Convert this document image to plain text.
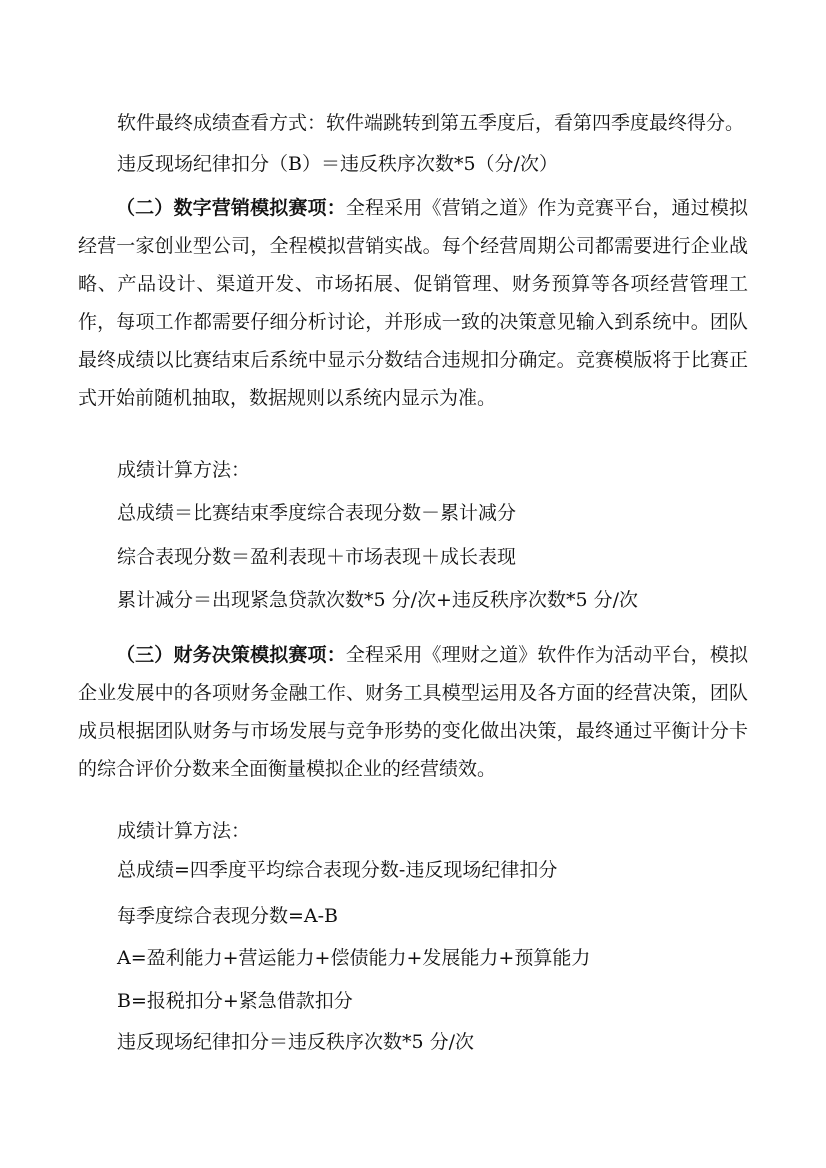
软件最终成绩查看方式：软件端跳转到第五季度后，看第四季度最终得分。
违反现场纪律扣分（B）＝违反秩序次数*5（分/次）
（二）数字营销模拟赛项：全程采用《营销之道》作为竞赛平台，通过模拟经营一家创业型公司，全程模拟营销实战。每个经营周期公司都需要进行企业战略、产品设计、渠道开发、市场拓展、促销管理、财务预算等各项经营管理工作，每项工作都需要仔细分析讨论，并形成一致的决策意见输入到系统中。团队最终成绩以比赛结束后系统中显示分数结合违规扣分确定。竞赛模版将于比赛正式开始前随机抽取，数据规则以系统内显示为准。
成绩计算方法：
总成绩＝比赛结束季度综合表现分数－累计减分
综合表现分数＝盈利表现＋市场表现＋成长表现
累计减分＝出现紧急贷款次数*5 分/次+违反秩序次数*5 分/次
（三）财务决策模拟赛项：全程采用《理财之道》软件作为活动平台，模拟企业发展中的各项财务金融工作、财务工具模型运用及各方面的经营决策，团队成员根据团队财务与市场发展与竞争形势的变化做出决策，最终通过平衡计分卡的综合评价分数来全面衡量模拟企业的经营绩效。
成绩计算方法：
总成绩=四季度平均综合表现分数-违反现场纪律扣分
每季度综合表现分数=A-B
A=盈利能力+营运能力+偿债能力+发展能力+预算能力
B=报税扣分+紧急借款扣分
违反现场纪律扣分＝违反秩序次数*5 分/次
